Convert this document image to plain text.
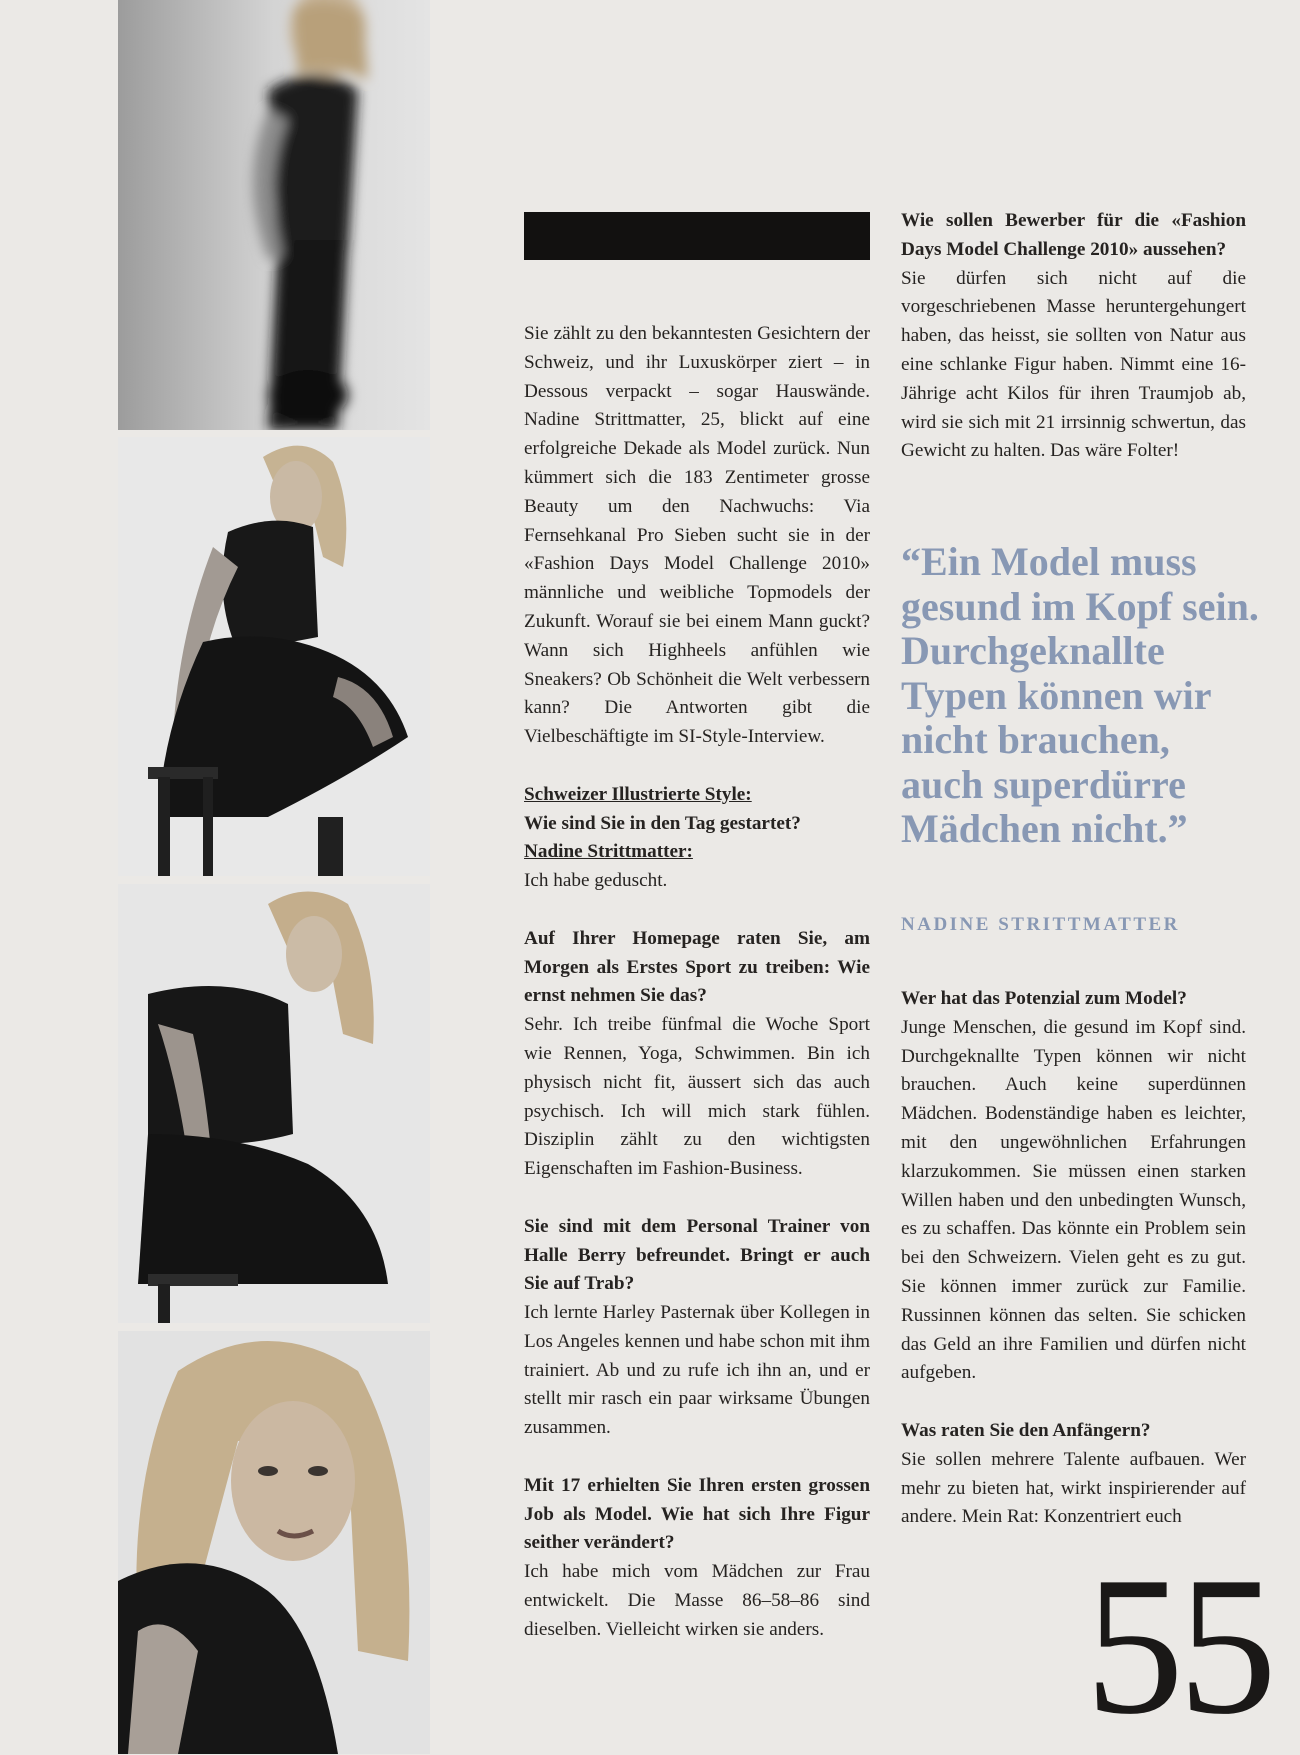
Sie zählt zu den bekanntesten Gesichtern der Schweiz, und ihr Luxuskörper ziert – in Dessous verpackt – sogar Hauswände. Nadine Strittmatter, 25, blickt auf eine erfolgreiche Dekade als Model zurück. Nun kümmert sich die 183 Zentimeter grosse Beauty um den Nachwuchs: Via Fernsehkanal Pro Sieben sucht sie in der «Fashion Days Model Challenge 2010» männliche und weibliche Topmodels der Zukunft. Worauf sie bei einem Mann guckt? Wann sich Highheels anfühlen wie Sneakers? Ob Schönheit die Welt verbessern kann? Die Antworten gibt die Vielbeschäftigte im SI-Style-Interview.

Schweizer Illustrierte Style:

Wie sind Sie in den Tag gestartet?

Nadine Strittmatter:

Ich habe geduscht.

Auf Ihrer Homepage raten Sie, am Morgen als Erstes Sport zu treiben: Wie ernst nehmen Sie das?

Sehr. Ich treibe fünfmal die Woche Sport wie Rennen, Yoga, Schwimmen. Bin ich physisch nicht fit, äussert sich das auch psychisch. Ich will mich stark fühlen. Disziplin zählt zu den wichtigsten Eigenschaften im Fashion-Business.

Sie sind mit dem Personal Trainer von Halle Berry befreundet. Bringt er auch Sie auf Trab?

Ich lernte Harley Pasternak über Kollegen in Los Angeles kennen und habe schon mit ihm trainiert. Ab und zu rufe ich ihn an, und er stellt mir rasch ein paar wirksame Übungen zusammen.

Mit 17 erhielten Sie Ihren ersten grossen Job als Model. Wie hat sich Ihre Figur seither verändert?

Ich habe mich vom Mädchen zur Frau entwickelt. Die Masse 86–58–86 sind dieselben. Vielleicht wirken sie anders.

Wie sollen Bewerber für die «Fashion Days Model Challenge 2010» aussehen?

Sie dürfen sich nicht auf die vorgeschriebenen Masse heruntergehungert haben, das heisst, sie sollten von Natur aus eine schlanke Figur haben. Nimmt eine 16-Jährige acht Kilos für ihren Traumjob ab, wird sie sich mit 21 irrsinnig schwertun, das Gewicht zu halten. Das wäre Folter!

“Ein Model muss gesund im Kopf sein. Durchgeknallte Typen können wir nicht brauchen, auch superdürre Mädchen nicht.”

NADINE STRITTMATTER

Wer hat das Potenzial zum Model?

Junge Menschen, die gesund im Kopf sind. Durchgeknallte Typen können wir nicht brauchen. Auch keine superdünnen Mädchen. Bodenständige haben es leichter, mit den ungewöhnlichen Erfahrungen klarzukommen. Sie müssen einen starken Willen haben und den unbedingten Wunsch, es zu schaffen. Das könnte ein Problem sein bei den Schweizern. Vielen geht es zu gut. Sie können immer zurück zur Familie. Russinnen können das selten. Sie schicken das Geld an ihre Familien und dürfen nicht aufgeben.

Was raten Sie den Anfängern?

Sie sollen mehrere Talente aufbauen. Wer mehr zu bieten hat, wirkt inspirierender auf andere. Mein Rat: Konzentriert euch

55
